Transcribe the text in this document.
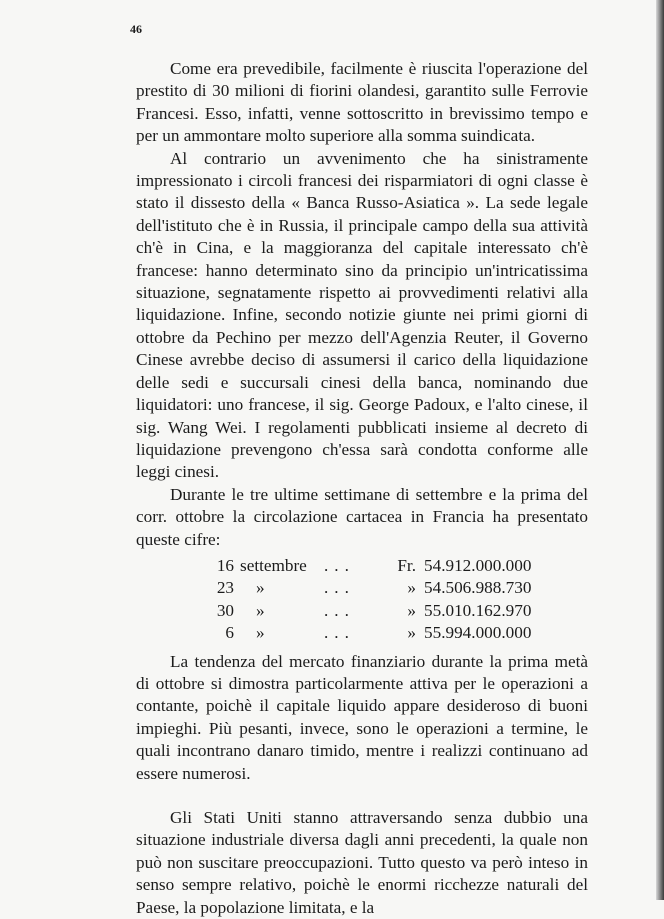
46

Come era prevedibile, facilmente è riuscita l'operazione del prestito di 30 milioni di fiorini olandesi, garantito sulle Ferrovie Francesi. Esso, infatti, venne sottoscritto in brevissimo tempo e per un ammontare molto superiore alla somma suindicata.

Al contrario un avvenimento che ha sinistramente impressionato i circoli francesi dei risparmiatori di ogni classe è stato il dissesto della « Banca Russo-Asiatica ». La sede legale dell'istituto che è in Russia, il principale campo della sua attività ch'è in Cina, e la maggioranza del capitale interessato ch'è francese: hanno determinato sino da principio un'intricatissima situazione, segnatamente rispetto ai provvedimenti relativi alla liquidazione. Infine, secondo notizie giunte nei primi giorni di ottobre da Pechino per mezzo dell'Agenzia Reuter, il Governo Cinese avrebbe deciso di assumersi il carico della liquidazione delle sedi e succursali cinesi della banca, nominando due liquidatori: uno francese, il sig. George Padoux, e l'alto cinese, il sig. Wang Wei. I regolamenti pubblicati insieme al decreto di liquidazione prevengono ch'essa sarà condotta conforme alle leggi cinesi.

Durante le tre ultime settimane di settembre e la prima del corr. ottobre la circolazione cartacea in Francia ha presentato queste cifre:

16 settembre ...	Fr. 54.912.000.000
23	»	...	» 54.506.988.730
30	»	...	» 55.010.162.970
6	»	...	» 55.994.000.000

La tendenza del mercato finanziario durante la prima metà di ottobre si dimostra particolarmente attiva per le operazioni a contante, poichè il capitale liquido appare desideroso di buoni impieghi. Più pesanti, invece, sono le operazioni a termine, le quali incontrano danaro timido, mentre i realizzi continuano ad essere numerosi.

Gli Stati Uniti stanno attraversando senza dubbio una situazione industriale diversa dagli anni precedenti, la quale non può non suscitare preoccupazioni. Tutto questo va però inteso in senso sempre relativo, poichè le enormi ricchezze naturali del Paese, la popolazione limitata, e la
